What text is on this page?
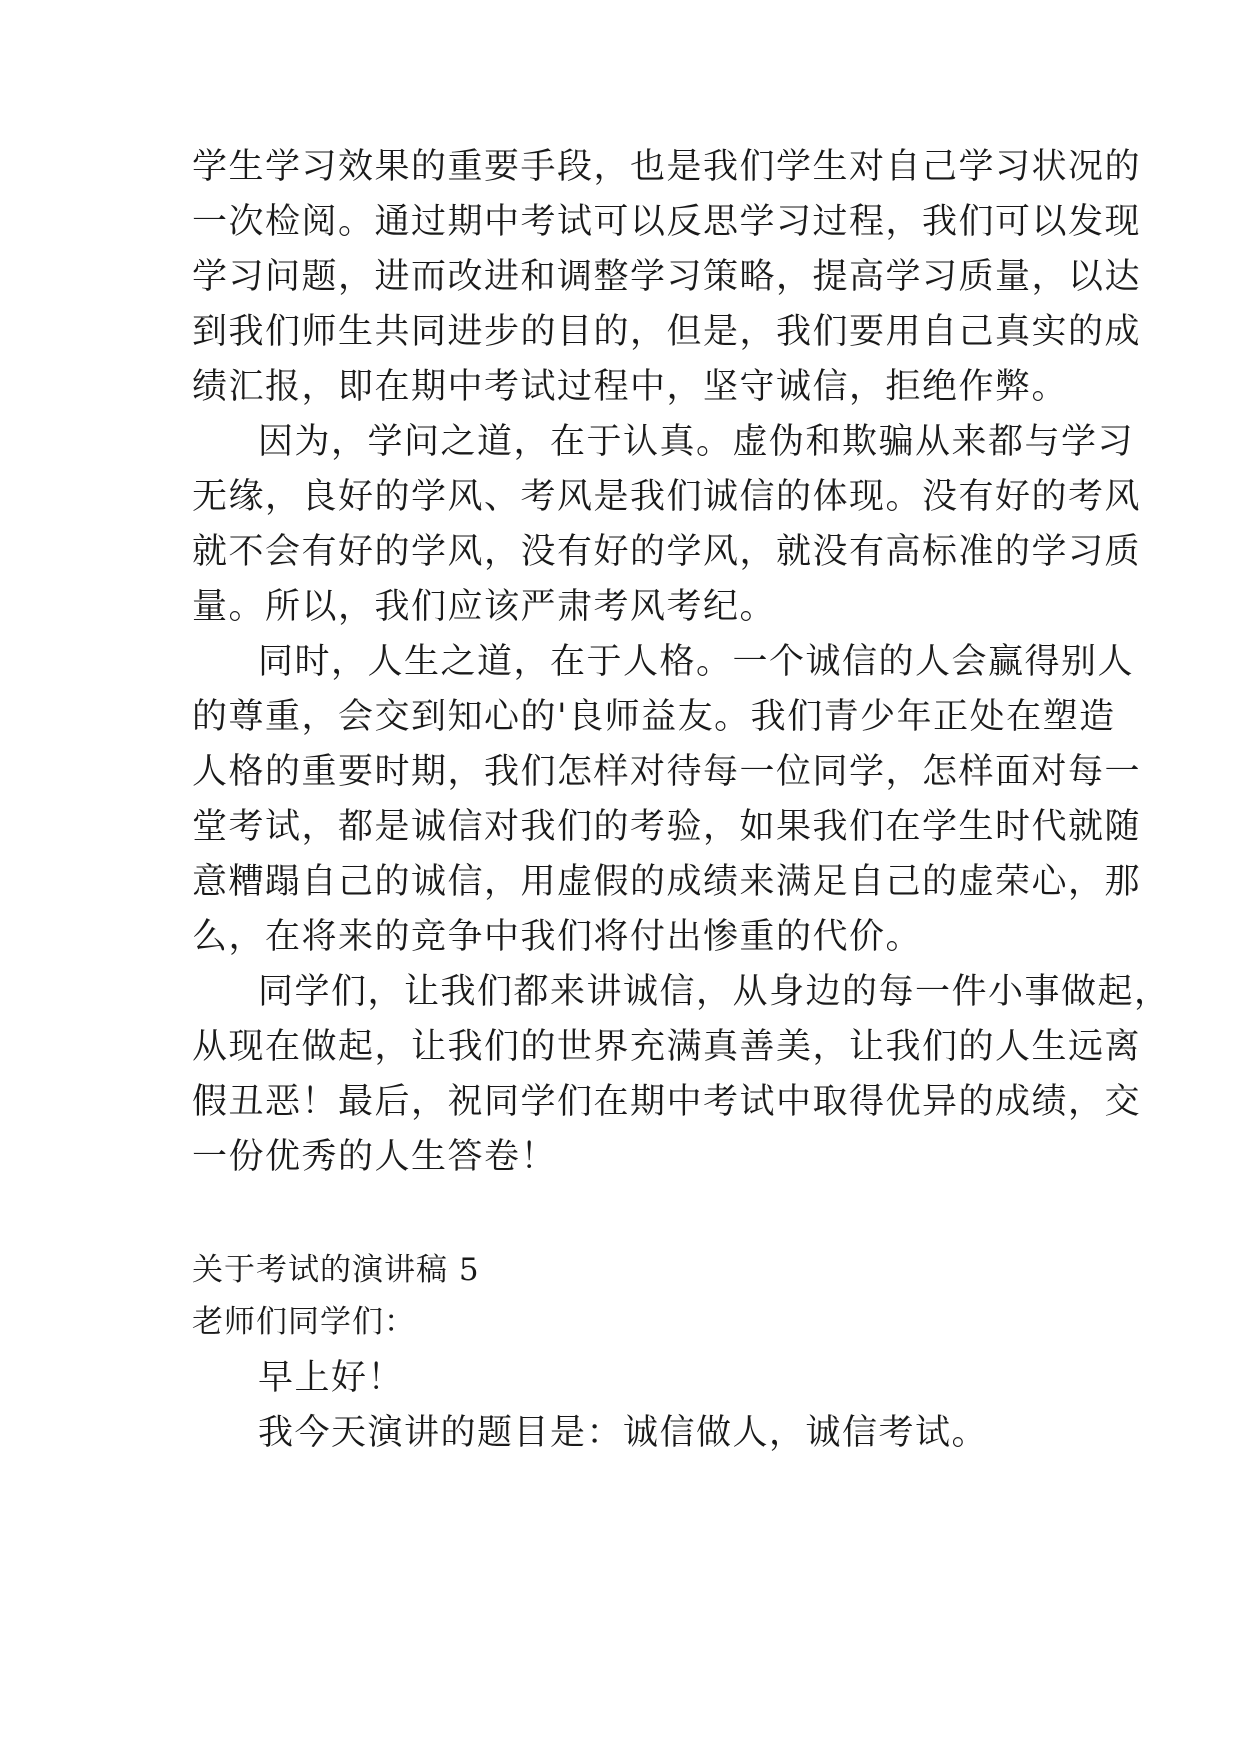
学生学习效果的重要手段，也是我们学生对自己学习状况的
一次检阅。通过期中考试可以反思学习过程，我们可以发现
学习问题，进而改进和调整学习策略，提高学习质量，以达
到我们师生共同进步的目的，但是，我们要用自己真实的成
绩汇报，即在期中考试过程中，坚守诚信，拒绝作弊。
因为，学问之道，在于认真。虚伪和欺骗从来都与学习
无缘，良好的学风、考风是我们诚信的体现。没有好的考风
就不会有好的学风，没有好的学风，就没有高标准的学习质
量。所以，我们应该严肃考风考纪。
同时，人生之道，在于人格。一个诚信的人会赢得别人
的尊重，会交到知心的'良师益友。我们青少年正处在塑造
人格的重要时期，我们怎样对待每一位同学，怎样面对每一
堂考试，都是诚信对我们的考验，如果我们在学生时代就随
意糟蹋自己的诚信，用虚假的成绩来满足自己的虚荣心，那
么，在将来的竞争中我们将付出惨重的代价。
同学们，让我们都来讲诚信，从身边的每一件小事做起，
从现在做起，让我们的世界充满真善美，让我们的人生远离
假丑恶！最后，祝同学们在期中考试中取得优异的成绩，交
一份优秀的人生答卷！
关于考试的演讲稿 5
老师们同学们：
早上好！
我今天演讲的题目是：诚信做人，诚信考试。
